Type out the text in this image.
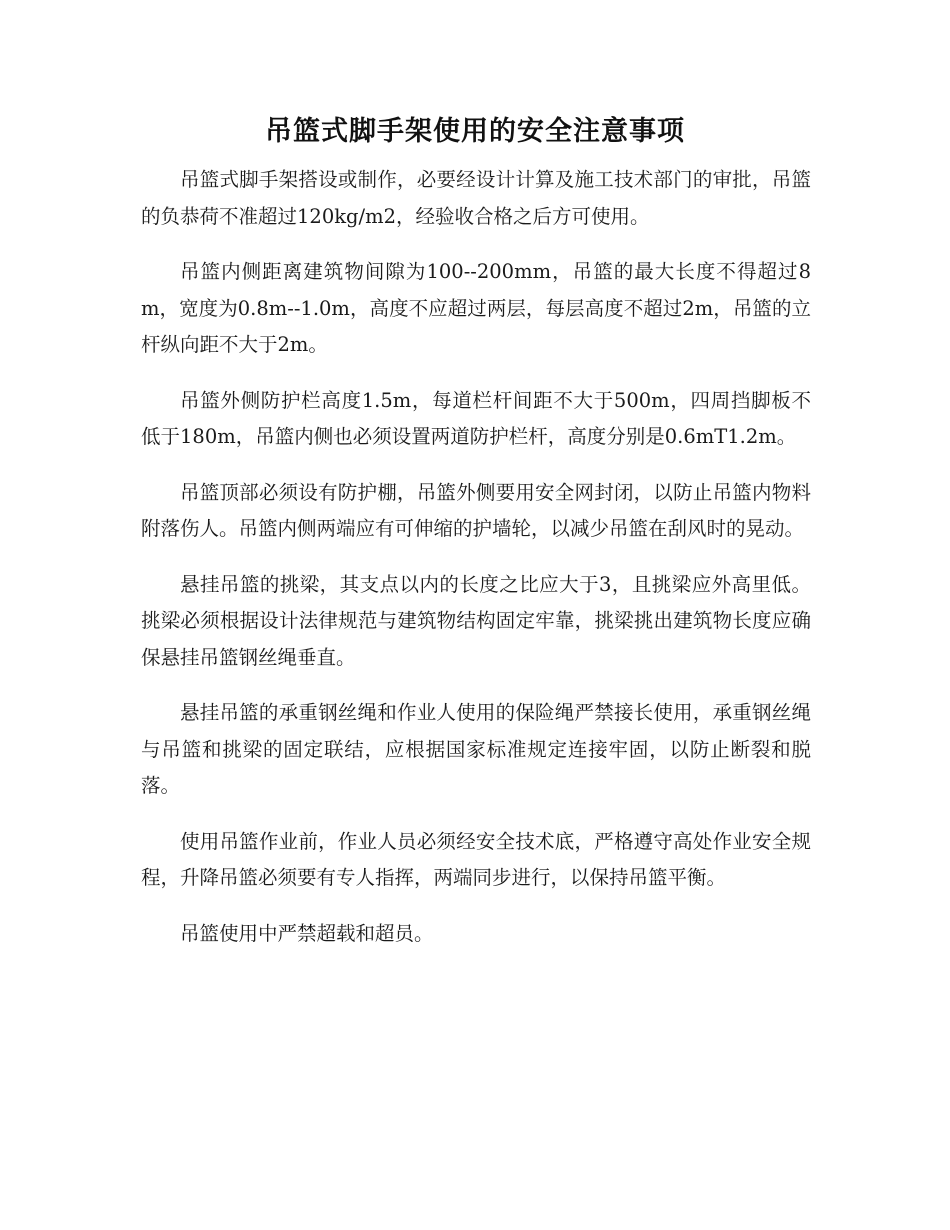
吊篮式脚手架使用的安全注意事项

吊篮式脚手架搭设或制作，必要经设计计算及施工技术部门的审批，吊篮的负恭荷不准超过120kg/m2，经验收合格之后方可使用。

吊篮内侧距离建筑物间隙为100--200mm，吊篮的最大长度不得超过8m，宽度为0.8m--1.0m，高度不应超过两层，每层高度不超过2m，吊篮的立杆纵向距不大于2m。

吊篮外侧防护栏高度1.5m，每道栏杆间距不大于500m，四周挡脚板不低于180m，吊篮内侧也必须设置两道防护栏杆，高度分别是0.6mT1.2m。

吊篮顶部必须设有防护棚，吊篮外侧要用安全网封闭，以防止吊篮内物料附落伤人。吊篮内侧两端应有可伸缩的护墙轮，以减少吊篮在刮风时的晃动。

悬挂吊篮的挑梁，其支点以内的长度之比应大于3，且挑梁应外高里低。挑梁必须根据设计法律规范与建筑物结构固定牢靠，挑梁挑出建筑物长度应确保悬挂吊篮钢丝绳垂直。

悬挂吊篮的承重钢丝绳和作业人使用的保险绳严禁接长使用，承重钢丝绳与吊篮和挑梁的固定联结，应根据国家标准规定连接牢固，以防止断裂和脱落。

使用吊篮作业前，作业人员必须经安全技术底，严格遵守高处作业安全规程，升降吊篮必须要有专人指挥，两端同步进行，以保持吊篮平衡。

吊篮使用中严禁超载和超员。
